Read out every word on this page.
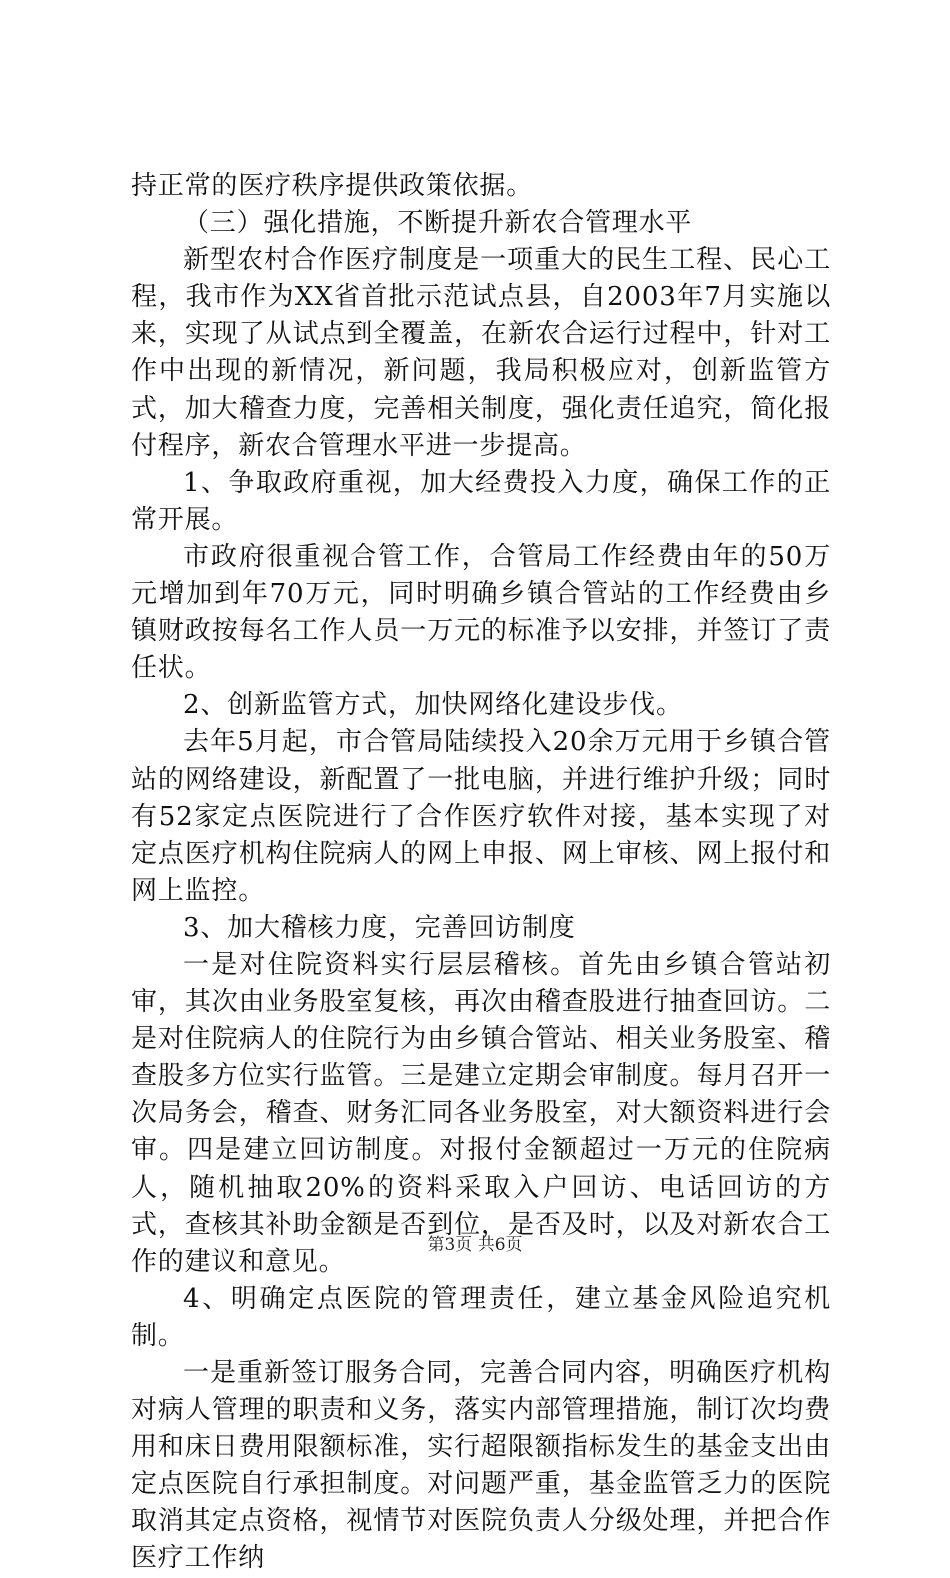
持正常的医疗秩序提供政策依据。

（三）强化措施，不断提升新农合管理水平

新型农村合作医疗制度是一项重大的民生工程、民心工程，我市作为XX省首批示范试点县，自2003年7月实施以来，实现了从试点到全覆盖，在新农合运行过程中，针对工作中出现的新情况，新问题，我局积极应对，创新监管方式，加大稽查力度，完善相关制度，强化责任追究，简化报付程序，新农合管理水平进一步提高。

1、争取政府重视，加大经费投入力度，确保工作的正常开展。

市政府很重视合管工作，合管局工作经费由年的50万元增加到年70万元，同时明确乡镇合管站的工作经费由乡镇财政按每名工作人员一万元的标准予以安排，并签订了责任状。

2、创新监管方式，加快网络化建设步伐。

去年5月起，市合管局陆续投入20余万元用于乡镇合管站的网络建设，新配置了一批电脑，并进行维护升级；同时有52家定点医院进行了合作医疗软件对接，基本实现了对定点医疗机构住院病人的网上申报、网上审核、网上报付和网上监控。

3、加大稽核力度，完善回访制度

一是对住院资料实行层层稽核。首先由乡镇合管站初审，其次由业务股室复核，再次由稽查股进行抽查回访。二是对住院病人的住院行为由乡镇合管站、相关业务股室、稽查股多方位实行监管。三是建立定期会审制度。每月召开一次局务会，稽查、财务汇同各业务股室，对大额资料进行会审。四是建立回访制度。对报付金额超过一万元的住院病人，随机抽取20%的资料采取入户回访、电话回访的方式，查核其补助金额是否到位，是否及时，以及对新农合工作的建议和意见。

4、明确定点医院的管理责任，建立基金风险追究机制。

一是重新签订服务合同，完善合同内容，明确医疗机构对病人管理的职责和义务，落实内部管理措施，制订次均费用和床日费用限额标准，实行超限额指标发生的基金支出由定点医院自行承担制度。对问题严重，基金监管乏力的医院取消其定点资格，视情节对医院负责人分级处理，并把合作医疗工作纳

第3页 共6页
